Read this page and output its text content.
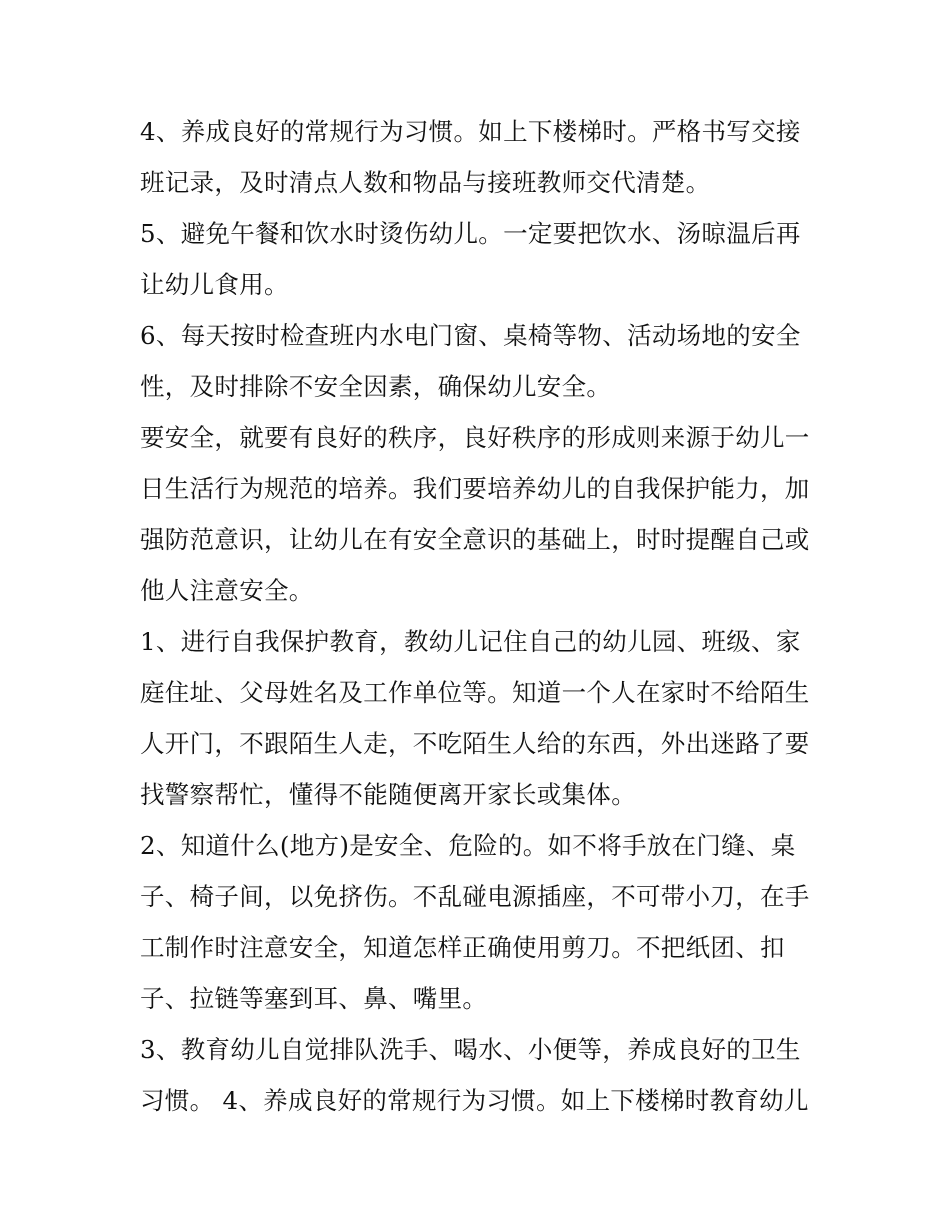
4、养成良好的常规行为习惯。如上下楼梯时。严格书写交接
班记录，及时清点人数和物品与接班教师交代清楚。
5、避免午餐和饮水时烫伤幼儿。一定要把饮水、汤晾温后再
让幼儿食用。
6、每天按时检查班内水电门窗、桌椅等物、活动场地的安全
性，及时排除不安全因素，确保幼儿安全。
要安全，就要有良好的秩序，良好秩序的形成则来源于幼儿一
日生活行为规范的培养。我们要培养幼儿的自我保护能力，加
强防范意识，让幼儿在有安全意识的基础上，时时提醒自己或
他人注意安全。
1、进行自我保护教育，教幼儿记住自己的幼儿园、班级、家
庭住址、父母姓名及工作单位等。知道一个人在家时不给陌生
人开门，不跟陌生人走，不吃陌生人给的东西，外出迷路了要
找警察帮忙，懂得不能随便离开家长或集体。
2、知道什么(地方)是安全、危险的。如不将手放在门缝、桌
子、椅子间，以免挤伤。不乱碰电源插座，不可带小刀，在手
工制作时注意安全，知道怎样正确使用剪刀。不把纸团、扣
子、拉链等塞到耳、鼻、嘴里。
3、教育幼儿自觉排队洗手、喝水、小便等，养成良好的卫生
习惯。 4、养成良好的常规行为习惯。如上下楼梯时教育幼儿
